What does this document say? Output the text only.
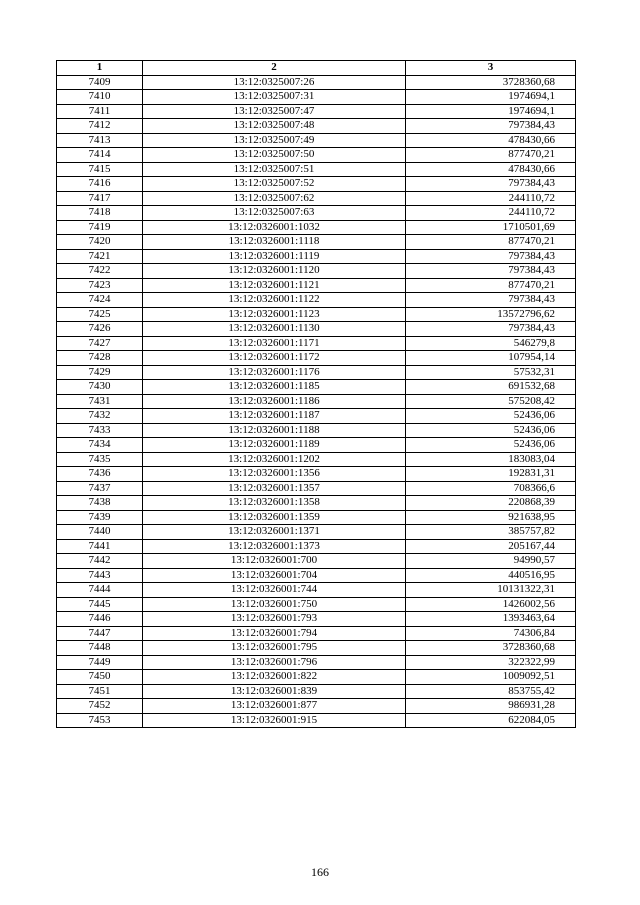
1	2	3
7409	13:12:0325007:26	3728360,68
7410	13:12:0325007:31	1974694,1
7411	13:12:0325007:47	1974694,1
7412	13:12:0325007:48	797384,43
7413	13:12:0325007:49	478430,66
7414	13:12:0325007:50	877470,21
7415	13:12:0325007:51	478430,66
7416	13:12:0325007:52	797384,43
7417	13:12:0325007:62	244110,72
7418	13:12:0325007:63	244110,72
7419	13:12:0326001:1032	1710501,69
7420	13:12:0326001:1118	877470,21
7421	13:12:0326001:1119	797384,43
7422	13:12:0326001:1120	797384,43
7423	13:12:0326001:1121	877470,21
7424	13:12:0326001:1122	797384,43
7425	13:12:0326001:1123	13572796,62
7426	13:12:0326001:1130	797384,43
7427	13:12:0326001:1171	546279,8
7428	13:12:0326001:1172	107954,14
7429	13:12:0326001:1176	57532,31
7430	13:12:0326001:1185	691532,68
7431	13:12:0326001:1186	575208,42
7432	13:12:0326001:1187	52436,06
7433	13:12:0326001:1188	52436,06
7434	13:12:0326001:1189	52436,06
7435	13:12:0326001:1202	183083,04
7436	13:12:0326001:1356	192831,31
7437	13:12:0326001:1357	708366,6
7438	13:12:0326001:1358	220868,39
7439	13:12:0326001:1359	921638,95
7440	13:12:0326001:1371	385757,82
7441	13:12:0326001:1373	205167,44
7442	13:12:0326001:700	94990,57
7443	13:12:0326001:704	440516,95
7444	13:12:0326001:744	10131322,31
7445	13:12:0326001:750	1426002,56
7446	13:12:0326001:793	1393463,64
7447	13:12:0326001:794	74306,84
7448	13:12:0326001:795	3728360,68
7449	13:12:0326001:796	322322,99
7450	13:12:0326001:822	1009092,51
7451	13:12:0326001:839	853755,42
7452	13:12:0326001:877	986931,28
7453	13:12:0326001:915	622084,05
166
